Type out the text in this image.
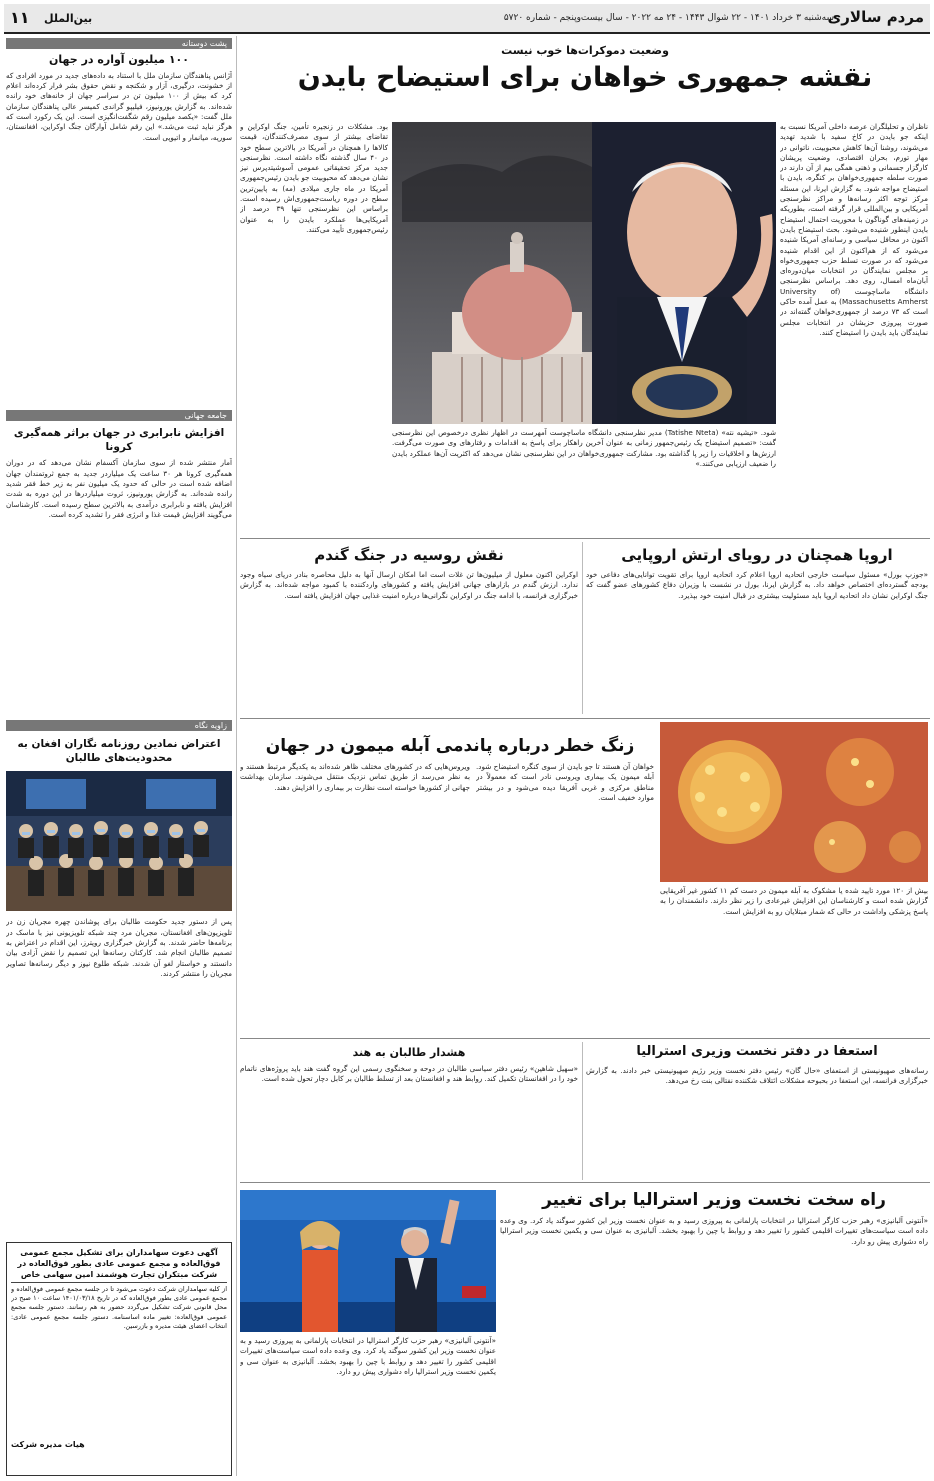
مردم سالاری
سه‌شنبه ۳ خرداد ۱۴۰۱ - ۲۲ شوال ۱۴۴۳ - ۲۴ مه ۲۰۲۲ - سال بیست‌وپنجم - شماره ۵۷۲۰
بین‌الملل
۱۱
پشت دوستانه
۱۰۰ میلیون آواره در جهان
آژانس پناهندگان سازمان ملل با استناد به داده‌های جدید در مورد افرادی که از خشونت، درگیری، آزار و شکنجه و نقض حقوق بشر فرار کرده‌اند اعلام کرد که بیش از ۱۰۰ میلیون تن در سراسر جهان از خانه‌های خود رانده شده‌اند. به گزارش یورونیوز، فیلیپو گراندی کمیسر عالی پناهندگان سازمان ملل گفت: «یکصد میلیون رقم شگفت‌انگیزی است. این یک رکورد است که هرگز نباید ثبت می‌شد.» این رقم شامل آوارگان جنگ اوکراین، افغانستان، سوریه، میانمار و اتیوپی است.
جامعه جهانی
افزایش نابرابری در جهان براثر همه‌گیری کرونا
آمار منتشر شده از سوی سازمان آکسفام نشان می‌دهد که در دوران همه‌گیری کرونا هر ۳۰ ساعت یک میلیاردر جدید به جمع ثروتمندان جهان اضافه شده است در حالی که حدود یک میلیون نفر به زیر خط فقر شدید رانده شده‌اند. به گزارش یورونیوز، ثروت میلیاردرها در این دوره به شدت افزایش یافته و نابرابری درآمدی به بالاترین سطح رسیده است. کارشناسان می‌گویند افزایش قیمت غذا و انرژی فقر را تشدید کرده است.
زاویه نگاه
اعتراض نمادین روزنامه نگاران افغان به محدودیت‌های طالبان
پس از دستور جدید حکومت طالبان برای پوشاندن چهره مجریان زن در تلویزیون‌های افغانستان، مجریان مرد چند شبکه تلویزیونی نیز با ماسک در برنامه‌ها حاضر شدند. به گزارش خبرگزاری رویترز، این اقدام در اعتراض به تصمیم طالبان انجام شد. کارکنان رسانه‌ها این تصمیم را نقض آزادی بیان دانستند و خواستار لغو آن شدند. شبکه طلوع نیوز و دیگر رسانه‌ها تصاویر مجریان را منتشر کردند.
آگهی دعوت سهامداران برای تشکیل مجمع عمومی فوق‌العاده و مجمع عمومی عادی بطور فوق‌العاده در شرکت مبتکران تجارت هوشمند امین سهامی خاص
از کلیه سهامداران شرکت دعوت می‌شود تا در جلسه مجمع عمومی فوق‌العاده و مجمع عمومی عادی بطور فوق‌العاده که در تاریخ ۱۴۰۱/۰۳/۱۸ ساعت ۱۰ صبح در محل قانونی شرکت تشکیل می‌گردد حضور به هم رسانند. دستور جلسه مجمع عمومی فوق‌العاده: تغییر ماده اساسنامه. دستور جلسه مجمع عمومی عادی: انتخاب اعضای هیئت مدیره و بازرسین.
هیات مدیره شرکت
وضعیت دموکرات‌ها خوب نیست
نقشه جمهوری خواهان برای استیضاح بایدن
ناظران و تحلیلگران عرصه داخلی آمریکا نسبت به اینکه جو بایدن در کاخ سفید با شدید تهدید می‌شوند، روشنا آن‌ها کاهش محبوبیت، ناتوانی در مهار تورم، بحران اقتصادی، وضعیت پریشان کارگزار جسمانی و ذهنی همگی بیم از آن دارند در صورت سلطه جمهوری‌خواهان بر کنگره، بایدن با استیضاح مواجه شود. به گزارش ایرنا، این مسئله مرکز توجه اکثر رسانه‌ها و مراکز نظرسنجی آمریکایی و بین‌المللی قرار گرفته است، بطوریکه در زمینه‌های گوناگون با محوریت احتمال استیضاح بایدن اینطور شنیده می‌شود. بحث استیضاح بایدن اکنون در محافل سیاسی و رسانه‌ای آمریکا شنیده می‌شود که از هم‌اکنون از این اقدام شنیده می‌شود که در صورت تسلط حزب جمهوری‌خواه بر مجلس نمایندگان در انتخابات میان‌دوره‌ای آبان‌ماه امسال، روی دهد. براساس نظرسنجی دانشگاه ماساچوست (University of Massachusetts Amherst) به عمل آمده حاکی است که ۷۳ درصد از جمهوری‌خواهان گفته‌اند در صورت پیروزی حزبشان در انتخابات مجلس نمایندگان باید بایدن را استیضاح کنند.
بود. مشکلات در زنجیره تأمین، جنگ اوکراین و تقاضای بیشتر از سوی مصرف‌کنندگان، قیمت کالاها را همچنان در آمریکا در بالاترین سطح خود در ۴۰ سال گذشته نگاه داشته است. نظرسنجی جدید مرکز تحقیقاتی عمومی آسوشیتدپرس نیز نشان می‌دهد که محبوبیت جو بایدن رئیس‌جمهوری آمریکا در ماه جاری میلادی (مه) به پایین‌ترین سطح در دوره ریاست‌جمهوری‌اش رسیده است. براساس این نظرسنجی تنها ۳۹ درصد از آمریکایی‌ها عملکرد بایدن را به عنوان رئیس‌جمهوری تأیید می‌کنند.
شود. «تیشیه نته» (Tatishe Nteta) مدیر نظرسنجی دانشگاه ماساچوست آمهرست در اظهار نظری درخصوص این نظرسنجی گفت: «تصمیم استیضاح یک رئیس‌جمهور زمانی به عنوان آخرین راهکار برای پاسخ به اقدامات و رفتارهای وی صورت می‌گرفت. ارزش‌ها و اخلاقیات را زیر پا گذاشته بود. مشارکت جمهوری‌خواهان در این نظرسنجی نشان می‌دهد که اکثریت آن‌ها عملکرد بایدن را ضعیف ارزیابی می‌کنند.»
اروپا همچنان در رویای ارتش اروپایی
«جوزپ بورل» مسئول سیاست خارجی اتحادیه اروپا اعلام کرد اتحادیه اروپا برای تقویت توانایی‌های دفاعی خود بودجه گسترده‌ای اختصاص خواهد داد. به گزارش ایرنا، بورل در نشست با وزیران دفاع کشورهای عضو گفت که جنگ اوکراین نشان داد اتحادیه اروپا باید مسئولیت بیشتری در قبال امنیت خود بپذیرد.
نقش روسیه در جنگ گندم
اوکراین اکنون معلول از میلیون‌ها تن غلات است اما امکان ارسال آنها به دلیل محاصره بنادر دریای سیاه وجود ندارد. ارزش گندم در بازارهای جهانی افزایش یافته و کشورهای واردکننده با کمبود مواجه شده‌اند. به گزارش خبرگزاری فرانسه، با ادامه جنگ در اوکراین نگرانی‌ها درباره امنیت غذایی جهان افزایش یافته است.
زنگ خطر درباره پاندمی آبله میمون در جهان
بیش از ۱۲۰ مورد تایید شده یا مشکوک به آبله میمون در دست کم ۱۱ کشور غیر آفریقایی گزارش شده است و کارشناسان این افزایش غیرعادی را زیر نظر دارند. دانشمندان را به پاسخ پزشکی واداشت در حالی که شمار مبتلایان رو به افزایش است.
خواهان آن هستند تا جو بایدن از سوی کنگره استیضاح شود. آبله میمون یک بیماری ویروسی نادر است که معمولاً در مناطق مرکزی و غربی آفریقا دیده می‌شود و در بیشتر موارد خفیف است.
ویروس‌هایی که در کشورهای مختلف ظاهر شده‌اند به یکدیگر مرتبط هستند و به نظر می‌رسد از طریق تماس نزدیک منتقل می‌شوند. سازمان بهداشت جهانی از کشورها خواسته است نظارت بر بیماری را افزایش دهند.
استعفا در دفتر نخست وزیری استرالیا
رسانه‌های صهیونیستی از استعفای «حال گان» رئیس دفتر نخست وزیر رژیم صهیونیستی خبر دادند. به گزارش خبرگزاری فرانسه، این استعفا در بحبوحه مشکلات ائتلاف شکننده نفتالی بنت رخ می‌دهد.
هشدار طالبان به هند
«سهیل شاهین» رئیس دفتر سیاسی طالبان در دوحه و سخنگوی رسمی این گروه گفت هند باید پروژه‌های ناتمام خود را در افغانستان تکمیل کند. روابط هند و افغانستان بعد از تسلط طالبان بر کابل دچار تحول شده است.
راه سخت نخست وزیر استرالیا برای تغییر
«آنتونی آلبانیزی» رهبر حزب کارگر استرالیا در انتخابات پارلمانی به پیروزی رسید و به عنوان نخست وزیر این کشور سوگند یاد کرد. وی وعده داده است سیاست‌های تغییرات اقلیمی کشور را تغییر دهد و روابط با چین را بهبود بخشد. آلبانیزی به عنوان سی و یکمین نخست وزیر استرالیا راه دشواری پیش رو دارد.
«آنتونی آلبانیزی» رهبر حزب کارگر استرالیا در انتخابات پارلمانی به پیروزی رسید و به عنوان نخست وزیر این کشور سوگند یاد کرد. وی وعده داده است سیاست‌های تغییرات اقلیمی کشور را تغییر دهد و روابط با چین را بهبود بخشد. آلبانیزی به عنوان سی و یکمین نخست وزیر استرالیا راه دشواری پیش رو دارد.
